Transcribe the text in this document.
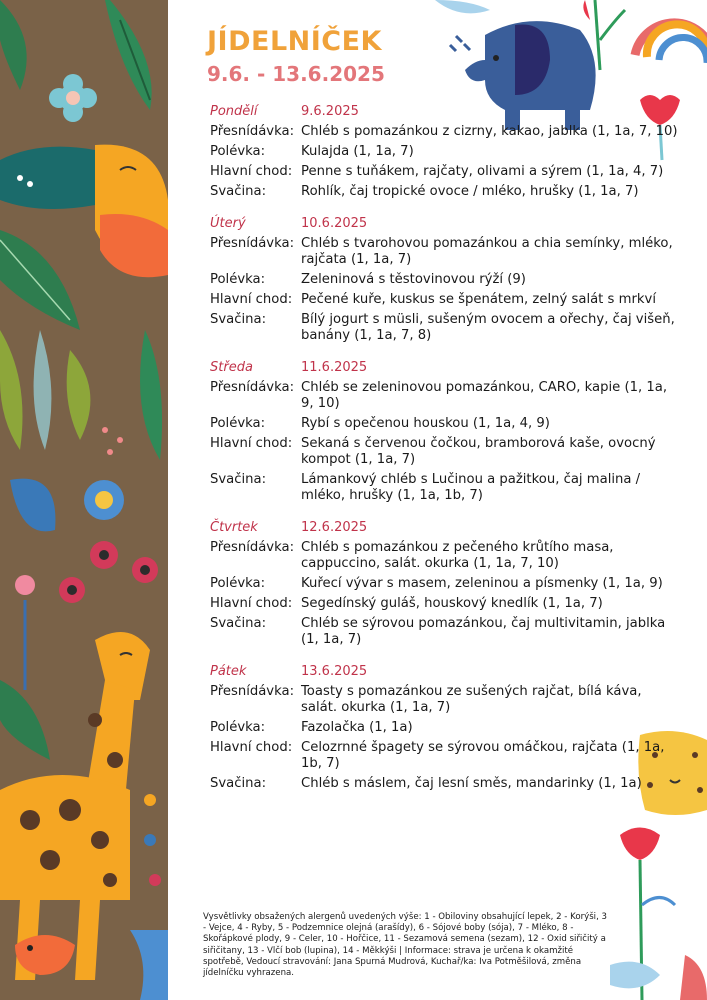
JÍDELNÍČEK
9.6. - 13.6.2025
Pondělí	9.6.2025
Přesnídávka: Chléb s pomazánkou z cizrny, kakao, jablka (1, 1a, 7, 10)
Polévka:	Kulajda (1, 1a, 7)
Hlavní chod: Penne s tuňákem, rajčaty, olivami a sýrem (1, 1a, 4, 7)
Svačina:	Rohlík, čaj tropické ovoce / mléko, hrušky (1, 1a, 7)
Úterý	10.6.2025
Přesnídávka: Chléb s tvarohovou pomazánkou a chia semínky, mléko, rajčata (1, 1a, 7)
Polévka:	Zeleninová s těstovinovou rýží (9)
Hlavní chod: Pečené kuře, kuskus se špenátem, zelný salát s mrkví
Svačina:	Bílý jogurt s müsli, sušeným ovocem a ořechy, čaj višeň, banány (1, 1a, 7, 8)
Středa	11.6.2025
Přesnídávka: Chléb se zeleninovou pomazánkou, CARO, kapie (1, 1a, 9, 10)
Polévka:	Rybí s opečenou houskou (1, 1a, 4, 9)
Hlavní chod: Sekaná s červenou čočkou, bramborová kaše, ovocný kompot (1, 1a, 7)
Svačina:	Lámankový chléb s Lučinou a pažitkou, čaj malina / mléko, hrušky (1, 1a, 1b, 7)
Čtvrtek	12.6.2025
Přesnídávka: Chléb s pomazánkou z pečeného krůtího masa, cappuccino, salát. okurka (1, 1a, 7, 10)
Polévka:	Kuřecí vývar s masem, zeleninou a písmenky (1, 1a, 9)
Hlavní chod: Segedínský guláš, houskový knedlík (1, 1a, 7)
Svačina:	Chléb se sýrovou pomazánkou, čaj multivitamin, jablka (1, 1a, 7)
Pátek	13.6.2025
Přesnídávka: Toasty s pomazánkou ze sušených rajčat, bílá káva, salát. okurka (1, 1a, 7)
Polévka:	Fazolačka (1, 1a)
Hlavní chod: Celozrnné špagety se sýrovou omáčkou, rajčata (1, 1a, 1b, 7)
Svačina:	Chléb s máslem, čaj lesní směs, mandarinky (1, 1a)
Vysvětlivky obsažených alergenů uvedených výše: 1 - Obiloviny obsahující lepek, 2 - Korýši, 3 - Vejce, 4 - Ryby, 5 - Podzemnice olejná (arašídy), 6 - Sójové boby (sója), 7 - Mléko, 8 - Skořápkové plody, 9 - Celer, 10 - Hořčice, 11 - Sezamová semena (sezam), 12 - Oxid siřičitý a siřičitany, 13 - Vlčí bob (lupina), 14 - Měkkýši | Informace: strava je určena k okamžité spotřebě, Vedoucí stravování: Jana Spurná Mudrová, Kuchař/ka: Iva Potměšilová, změna jídelníčku vyhrazena.
